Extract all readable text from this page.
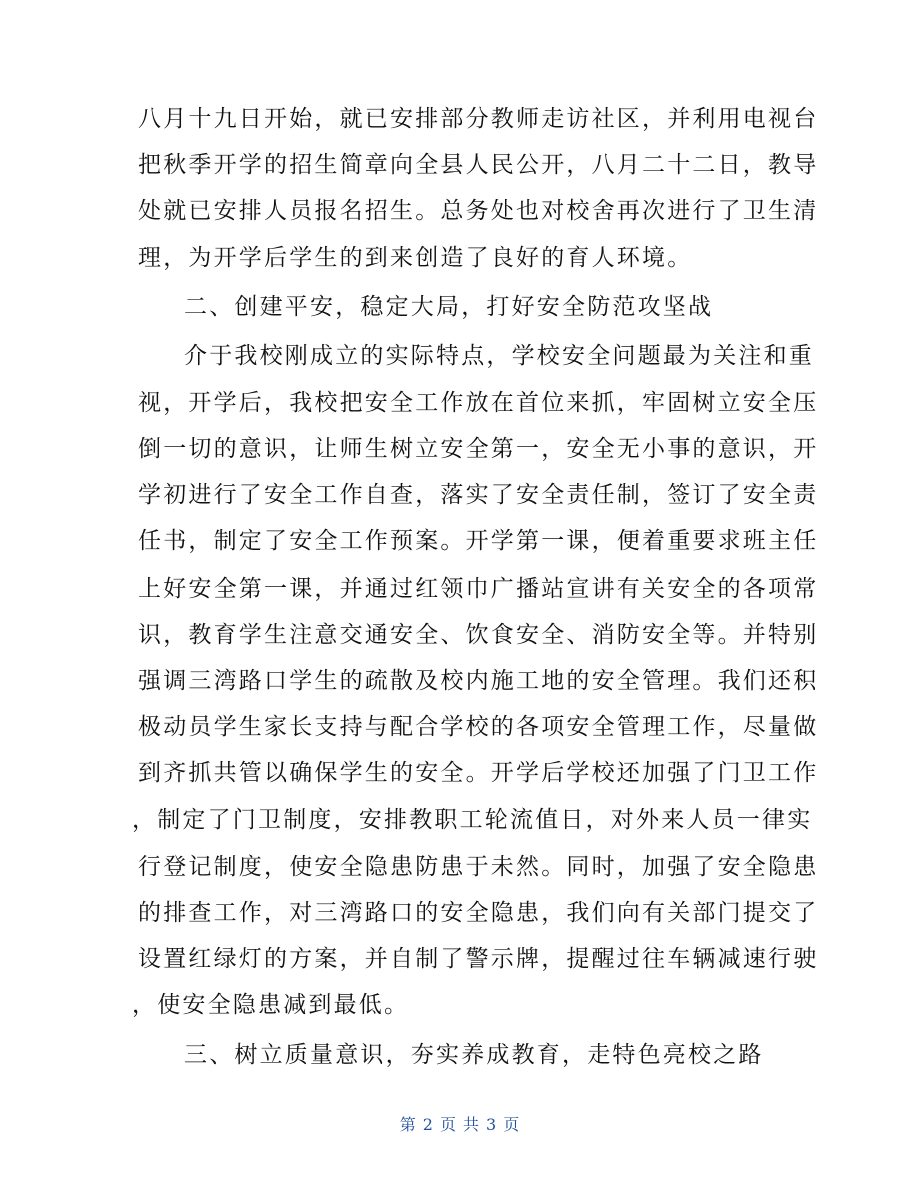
八月十九日开始，就已安排部分教师走访社区，并利用电视台
把秋季开学的招生简章向全县人民公开，八月二十二日，教导
处就已安排人员报名招生。总务处也对校舍再次进行了卫生清
理，为开学后学生的到来创造了良好的育人环境。
二、创建平安，稳定大局，打好安全防范攻坚战
介于我校刚成立的实际特点，学校安全问题最为关注和重
视，开学后，我校把安全工作放在首位来抓，牢固树立安全压
倒一切的意识，让师生树立安全第一，安全无小事的意识，开
学初进行了安全工作自查，落实了安全责任制，签订了安全责
任书，制定了安全工作预案。开学第一课，便着重要求班主任
上好安全第一课，并通过红领巾广播站宣讲有关安全的各项常
识，教育学生注意交通安全、饮食安全、消防安全等。并特别
强调三湾路口学生的疏散及校内施工地的安全管理。我们还积
极动员学生家长支持与配合学校的各项安全管理工作，尽量做
到齐抓共管以确保学生的安全。开学后学校还加强了门卫工作
，制定了门卫制度，安排教职工轮流值日，对外来人员一律实
行登记制度，使安全隐患防患于未然。同时，加强了安全隐患
的排查工作，对三湾路口的安全隐患，我们向有关部门提交了
设置红绿灯的方案，并自制了警示牌，提醒过往车辆减速行驶
，使安全隐患减到最低。
三、树立质量意识，夯实养成教育，走特色亮校之路
第 2 页 共 3 页
